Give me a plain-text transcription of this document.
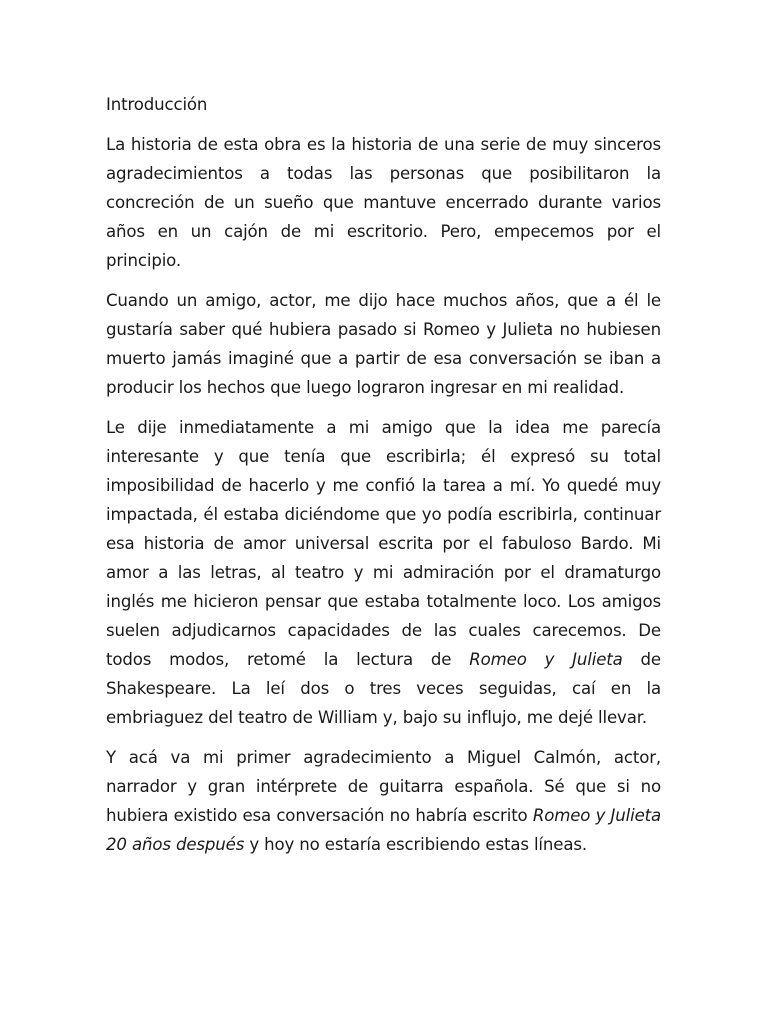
Introducción

La historia de esta obra es la historia de una serie de muy sinceros agradecimientos a todas las personas que posibilitaron la concreción de un sueño que mantuve encerrado durante varios años en un cajón de mi escritorio. Pero, empecemos por el principio.

Cuando un amigo, actor, me dijo hace muchos años, que a él le gustaría saber qué hubiera pasado si Romeo y Julieta no hubiesen muerto jamás imaginé que a partir de esa conversación se iban a producir los hechos que luego lograron ingresar en mi realidad.

Le dije inmediatamente a mi amigo que la idea me parecía interesante y que tenía que escribirla; él expresó su total imposibilidad de hacerlo y me confió la tarea a mí. Yo quedé muy impactada, él estaba diciéndome que yo podía escribirla, continuar esa historia de amor universal escrita por el fabuloso Bardo. Mi amor a las letras, al teatro y mi admiración por el dramaturgo inglés me hicieron pensar que estaba totalmente loco. Los amigos suelen adjudicarnos capacidades de las cuales carecemos. De todos modos, retomé la lectura de Romeo y Julieta de Shakespeare. La leí dos o tres veces seguidas, caí en la embriaguez del teatro de William y, bajo su influjo, me dejé llevar.

Y acá va mi primer agradecimiento a Miguel Calmón, actor, narrador y gran intérprete de guitarra española. Sé que si no hubiera existido esa conversación no habría escrito Romeo y Julieta 20 años después y hoy no estaría escribiendo estas líneas.
